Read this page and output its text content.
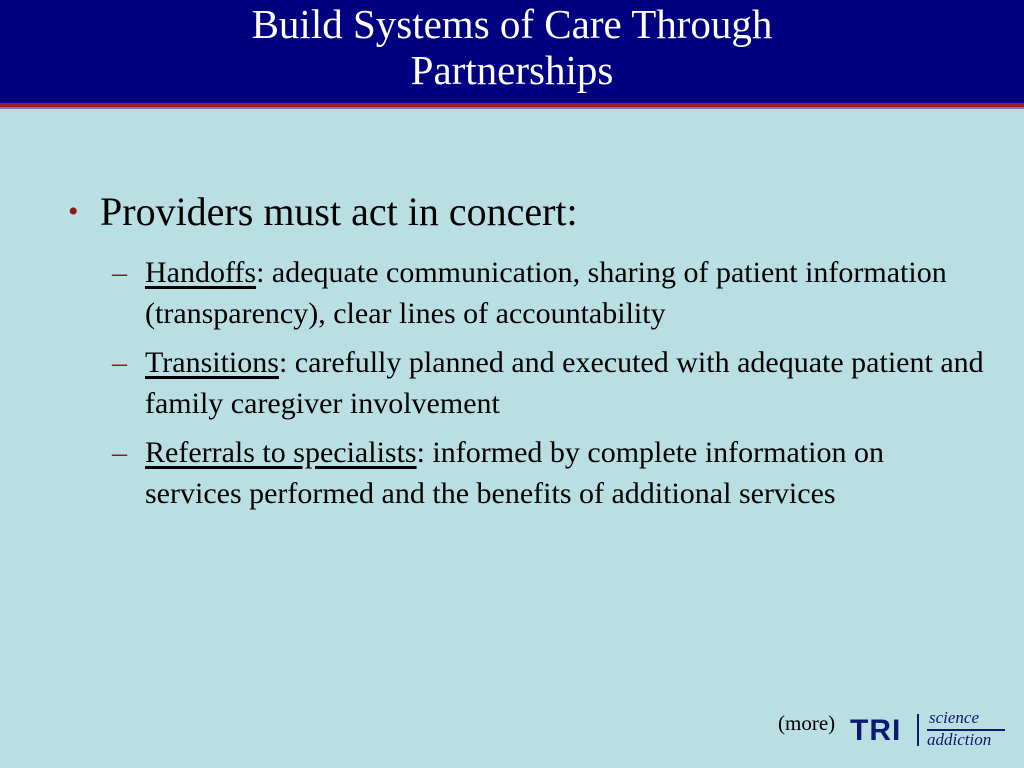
Build Systems of Care Through
Partnerships
• Providers must act in concert:
– Handoffs: adequate communication, sharing of patient information (transparency), clear lines of accountability
– Transitions: carefully planned and executed with adequate patient and family caregiver involvement
– Referrals to specialists: informed by complete information on services performed and the benefits of additional services
(more) TRI science
addiction
